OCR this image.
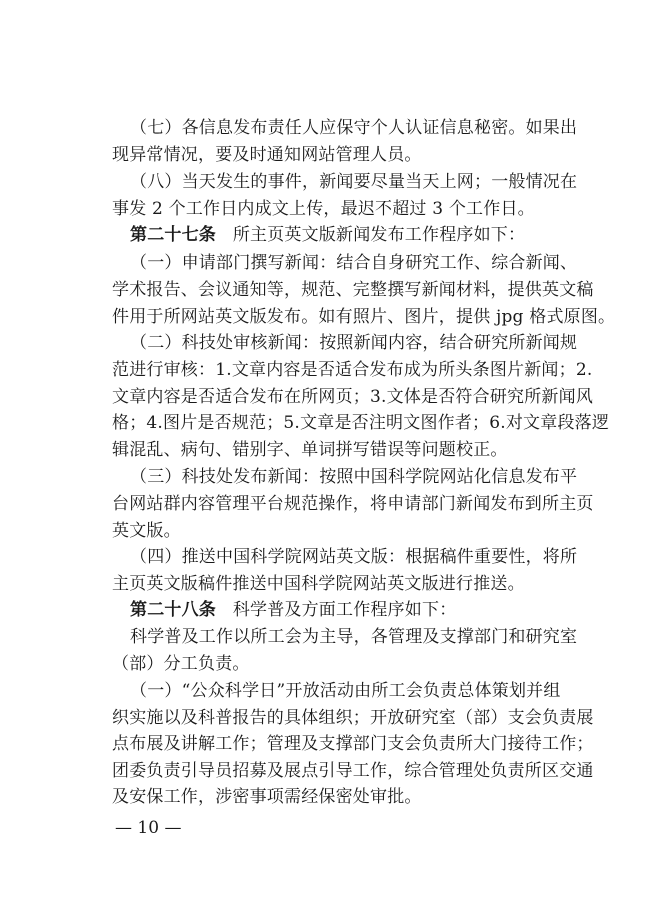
（七）各信息发布责任人应保守个人认证信息秘密。如果出
现异常情况，要及时通知网站管理人员。
（八）当天发生的事件，新闻要尽量当天上网；一般情况在
事发 2 个工作日内成文上传，最迟不超过 3 个工作日。
第二十七条 所主页英文版新闻发布工作程序如下：
（一）申请部门撰写新闻：结合自身研究工作、综合新闻、
学术报告、会议通知等，规范、完整撰写新闻材料，提供英文稿
件用于所网站英文版发布。如有照片、图片，提供 jpg 格式原图。
（二）科技处审核新闻：按照新闻内容，结合研究所新闻规
范进行审核：1.文章内容是否适合发布成为所头条图片新闻；2.
文章内容是否适合发布在所网页；3.文体是否符合研究所新闻风
格；4.图片是否规范；5.文章是否注明文图作者；6.对文章段落逻
辑混乱、病句、错别字、单词拼写错误等问题校正。
（三）科技处发布新闻：按照中国科学院网站化信息发布平
台网站群内容管理平台规范操作，将申请部门新闻发布到所主页
英文版。
（四）推送中国科学院网站英文版：根据稿件重要性，将所
主页英文版稿件推送中国科学院网站英文版进行推送。
第二十八条 科学普及方面工作程序如下：
科学普及工作以所工会为主导，各管理及支撑部门和研究室
（部）分工负责。
（一）“公众科学日”开放活动由所工会负责总体策划并组
织实施以及科普报告的具体组织；开放研究室（部）支会负责展
点布展及讲解工作；管理及支撑部门支会负责所大门接待工作；
团委负责引导员招募及展点引导工作，综合管理处负责所区交通
及安保工作，涉密事项需经保密处审批。
— 10 —
